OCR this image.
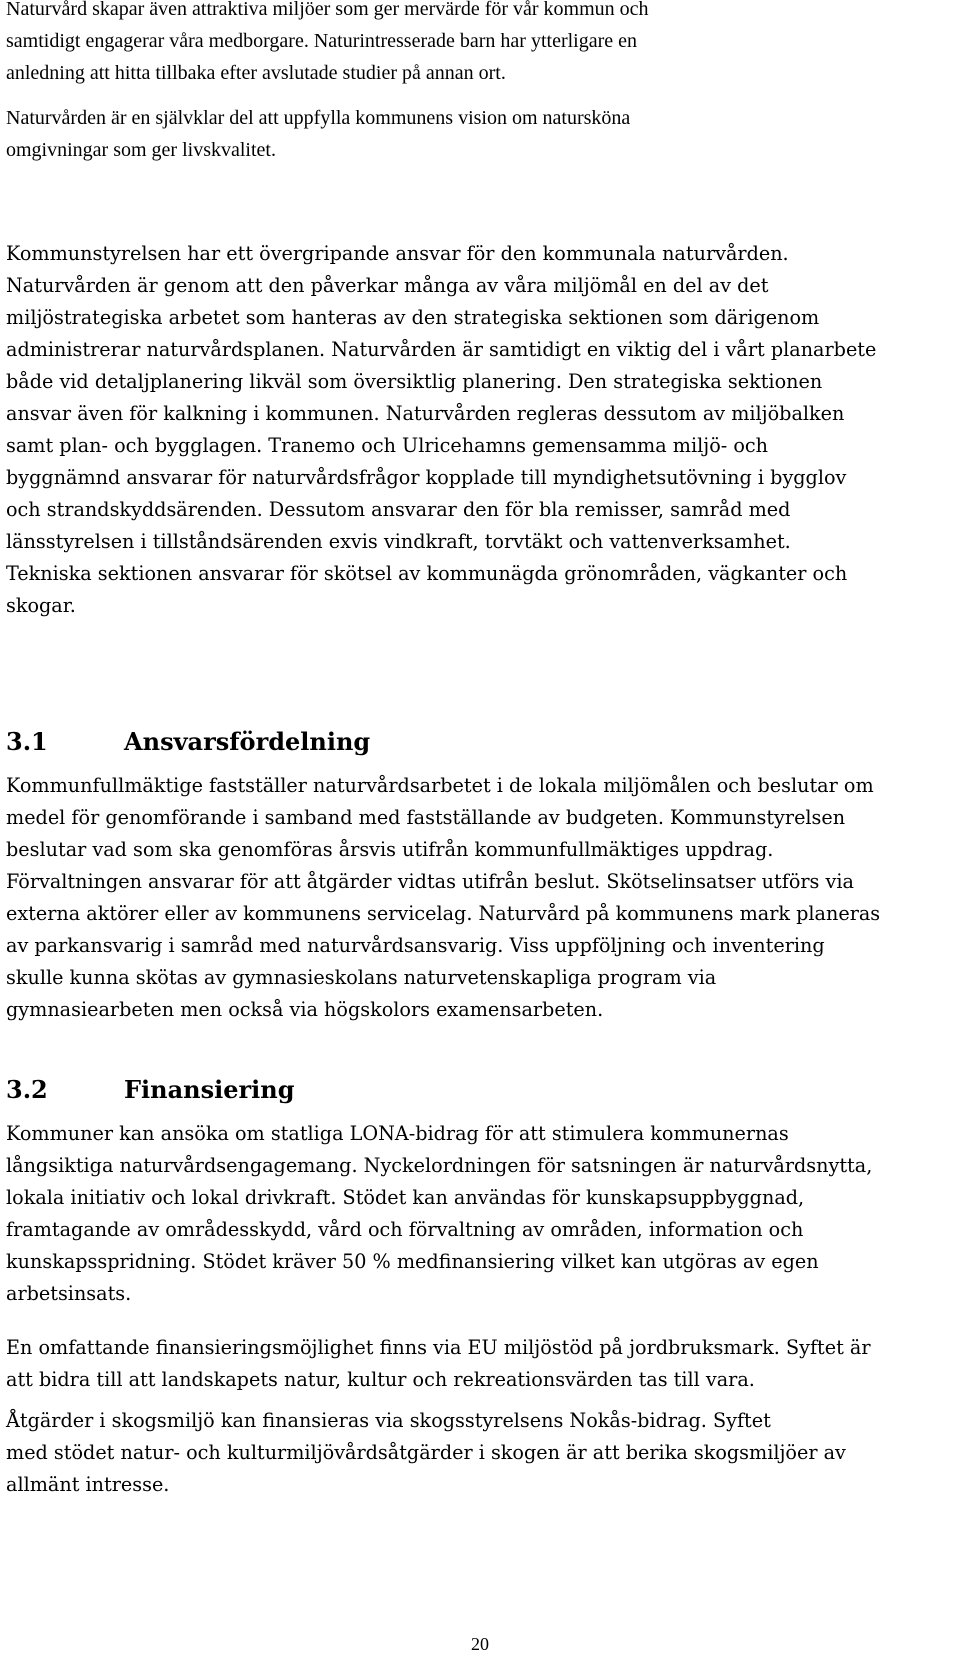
Naturvård skapar även attraktiva miljöer som ger mervärde för vår kommun och
samtidigt engagerar våra medborgare. Naturintresserade barn har ytterligare en
anledning att hitta tillbaka efter avslutade studier på annan ort.

Naturvården är en självklar del att uppfylla kommunens vision om natursköna
omgivningar som ger livskvalitet.

Kommunstyrelsen har ett övergripande ansvar för den kommunala naturvården.
Naturvården är genom att den påverkar många av våra miljömål en del av det
miljöstrategiska arbetet som hanteras av den strategiska sektionen som därigenom
administrerar naturvårdsplanen. Naturvården är samtidigt en viktig del i vårt planarbete
både vid detaljplanering likväl som översiktlig planering. Den strategiska sektionen
ansvar även för kalkning i kommunen. Naturvården regleras dessutom av miljöbalken
samt plan- och bygglagen. Tranemo och Ulricehamns gemensamma miljö- och
byggnämnd ansvarar för naturvårdsfrågor kopplade till myndighetsutövning i bygglov
och strandskyddsärenden. Dessutom ansvarar den för bla remisser, samråd med
länsstyrelsen i tillståndsärenden exvis vindkraft, torvtäkt och vattenverksamhet.
Tekniska sektionen ansvarar för skötsel av kommunägda grönområden, vägkanter och
skogar.

3.1	Ansvarsfördelning

Kommunfullmäktige fastställer naturvårdsarbetet i de lokala miljömålen och beslutar om
medel för genomförande i samband med fastställande av budgeten. Kommunstyrelsen
beslutar vad som ska genomföras årsvis utifrån kommunfullmäktiges uppdrag.
Förvaltningen ansvarar för att åtgärder vidtas utifrån beslut. Skötselinsatser utförs via
externa aktörer eller av kommunens servicelag. Naturvård på kommunens mark planeras
av parkansvarig i samråd med naturvårdsansvarig. Viss uppföljning och inventering
skulle kunna skötas av gymnasieskolans naturvetenskapliga program via
gymnasiearbeten men också via högskolors examensarbeten.

3.2	Finansiering

Kommuner kan ansöka om statliga LONA-bidrag för att stimulera kommunernas
långsiktiga naturvårdsengagemang. Nyckelordningen för satsningen är naturvårdsnytta,
lokala initiativ och lokal drivkraft. Stödet kan användas för kunskapsuppbyggnad,
framtagande av områdesskydd, vård och förvaltning av områden, information och
kunskapsspridning. Stödet kräver 50 % medfinansiering vilket kan utgöras av egen
arbetsinsats.

En omfattande finansieringsmöjlighet finns via EU miljöstöd på jordbruksmark. Syftet är
att bidra till att landskapets natur, kultur och rekreationsvärden tas till vara.

Åtgärder i skogsmiljö kan finansieras via skogsstyrelsens Nokås-bidrag. Syftet
med stödet natur- och kulturmiljövårdsåtgärder i skogen är att berika skogsmiljöer av
allmänt intresse.

20
